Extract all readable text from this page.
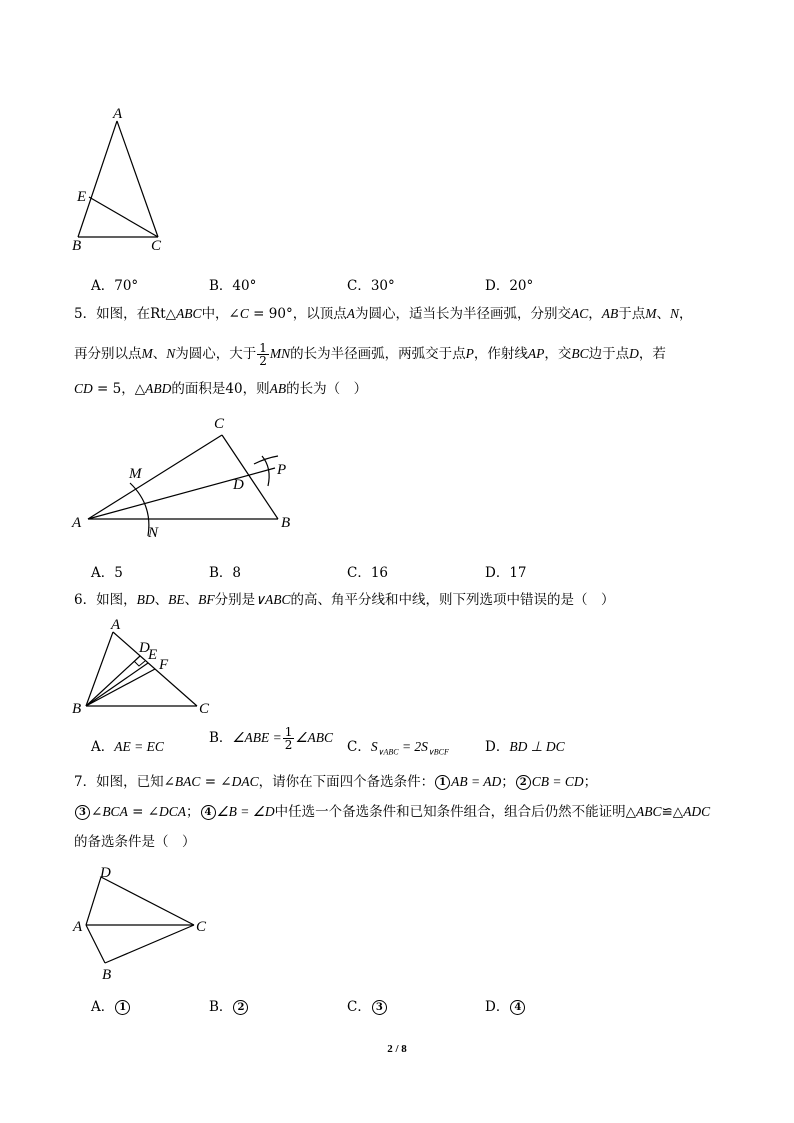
A
E
B	C
A．70°	B．40°	C．30°	D．20°
5．如图，在Rt△ABC中，∠C = 90°，以顶点A为圆心，适当长为半径画弧，分别交AC，AB于点M、N，
再分别以点M、N为圆心，大于 $\frac{1}{2}$ MN的长为半径画弧，两弧交于点P，作射线AP，交BC边于点D，若
CD = 5，△ABD的面积是40，则AB的长为（　）
C
M	P
D
A
N
B
A．5	B．8	C．16	D．17
6．如图，BD、BE、BF分别是∨ABC的高、角平分线和中线，则下列选项中错误的是（　）
A
D
E
F
B	C
A．AE = EC
B．∠ABE = $\frac{1}{2}$ ∠ABC
C．$S_{\vee ABC} = 2S_{\vee BCF}$	D．BD ⊥ DC
7．如图，已知∠BAC = ∠DAC，请你在下面四个备选条件： 1 AB = AD； 2 CB = CD；
3 ∠BCA = ∠DCA； 4 ∠B = ∠D中任选一个备选条件和已知条件组合，组合后仍然不能证明△ABC≌△ADC
的备选条件是（　）
D
A	C
B
A． 1	B． 2	C． 3	D． 4
2 / 8
